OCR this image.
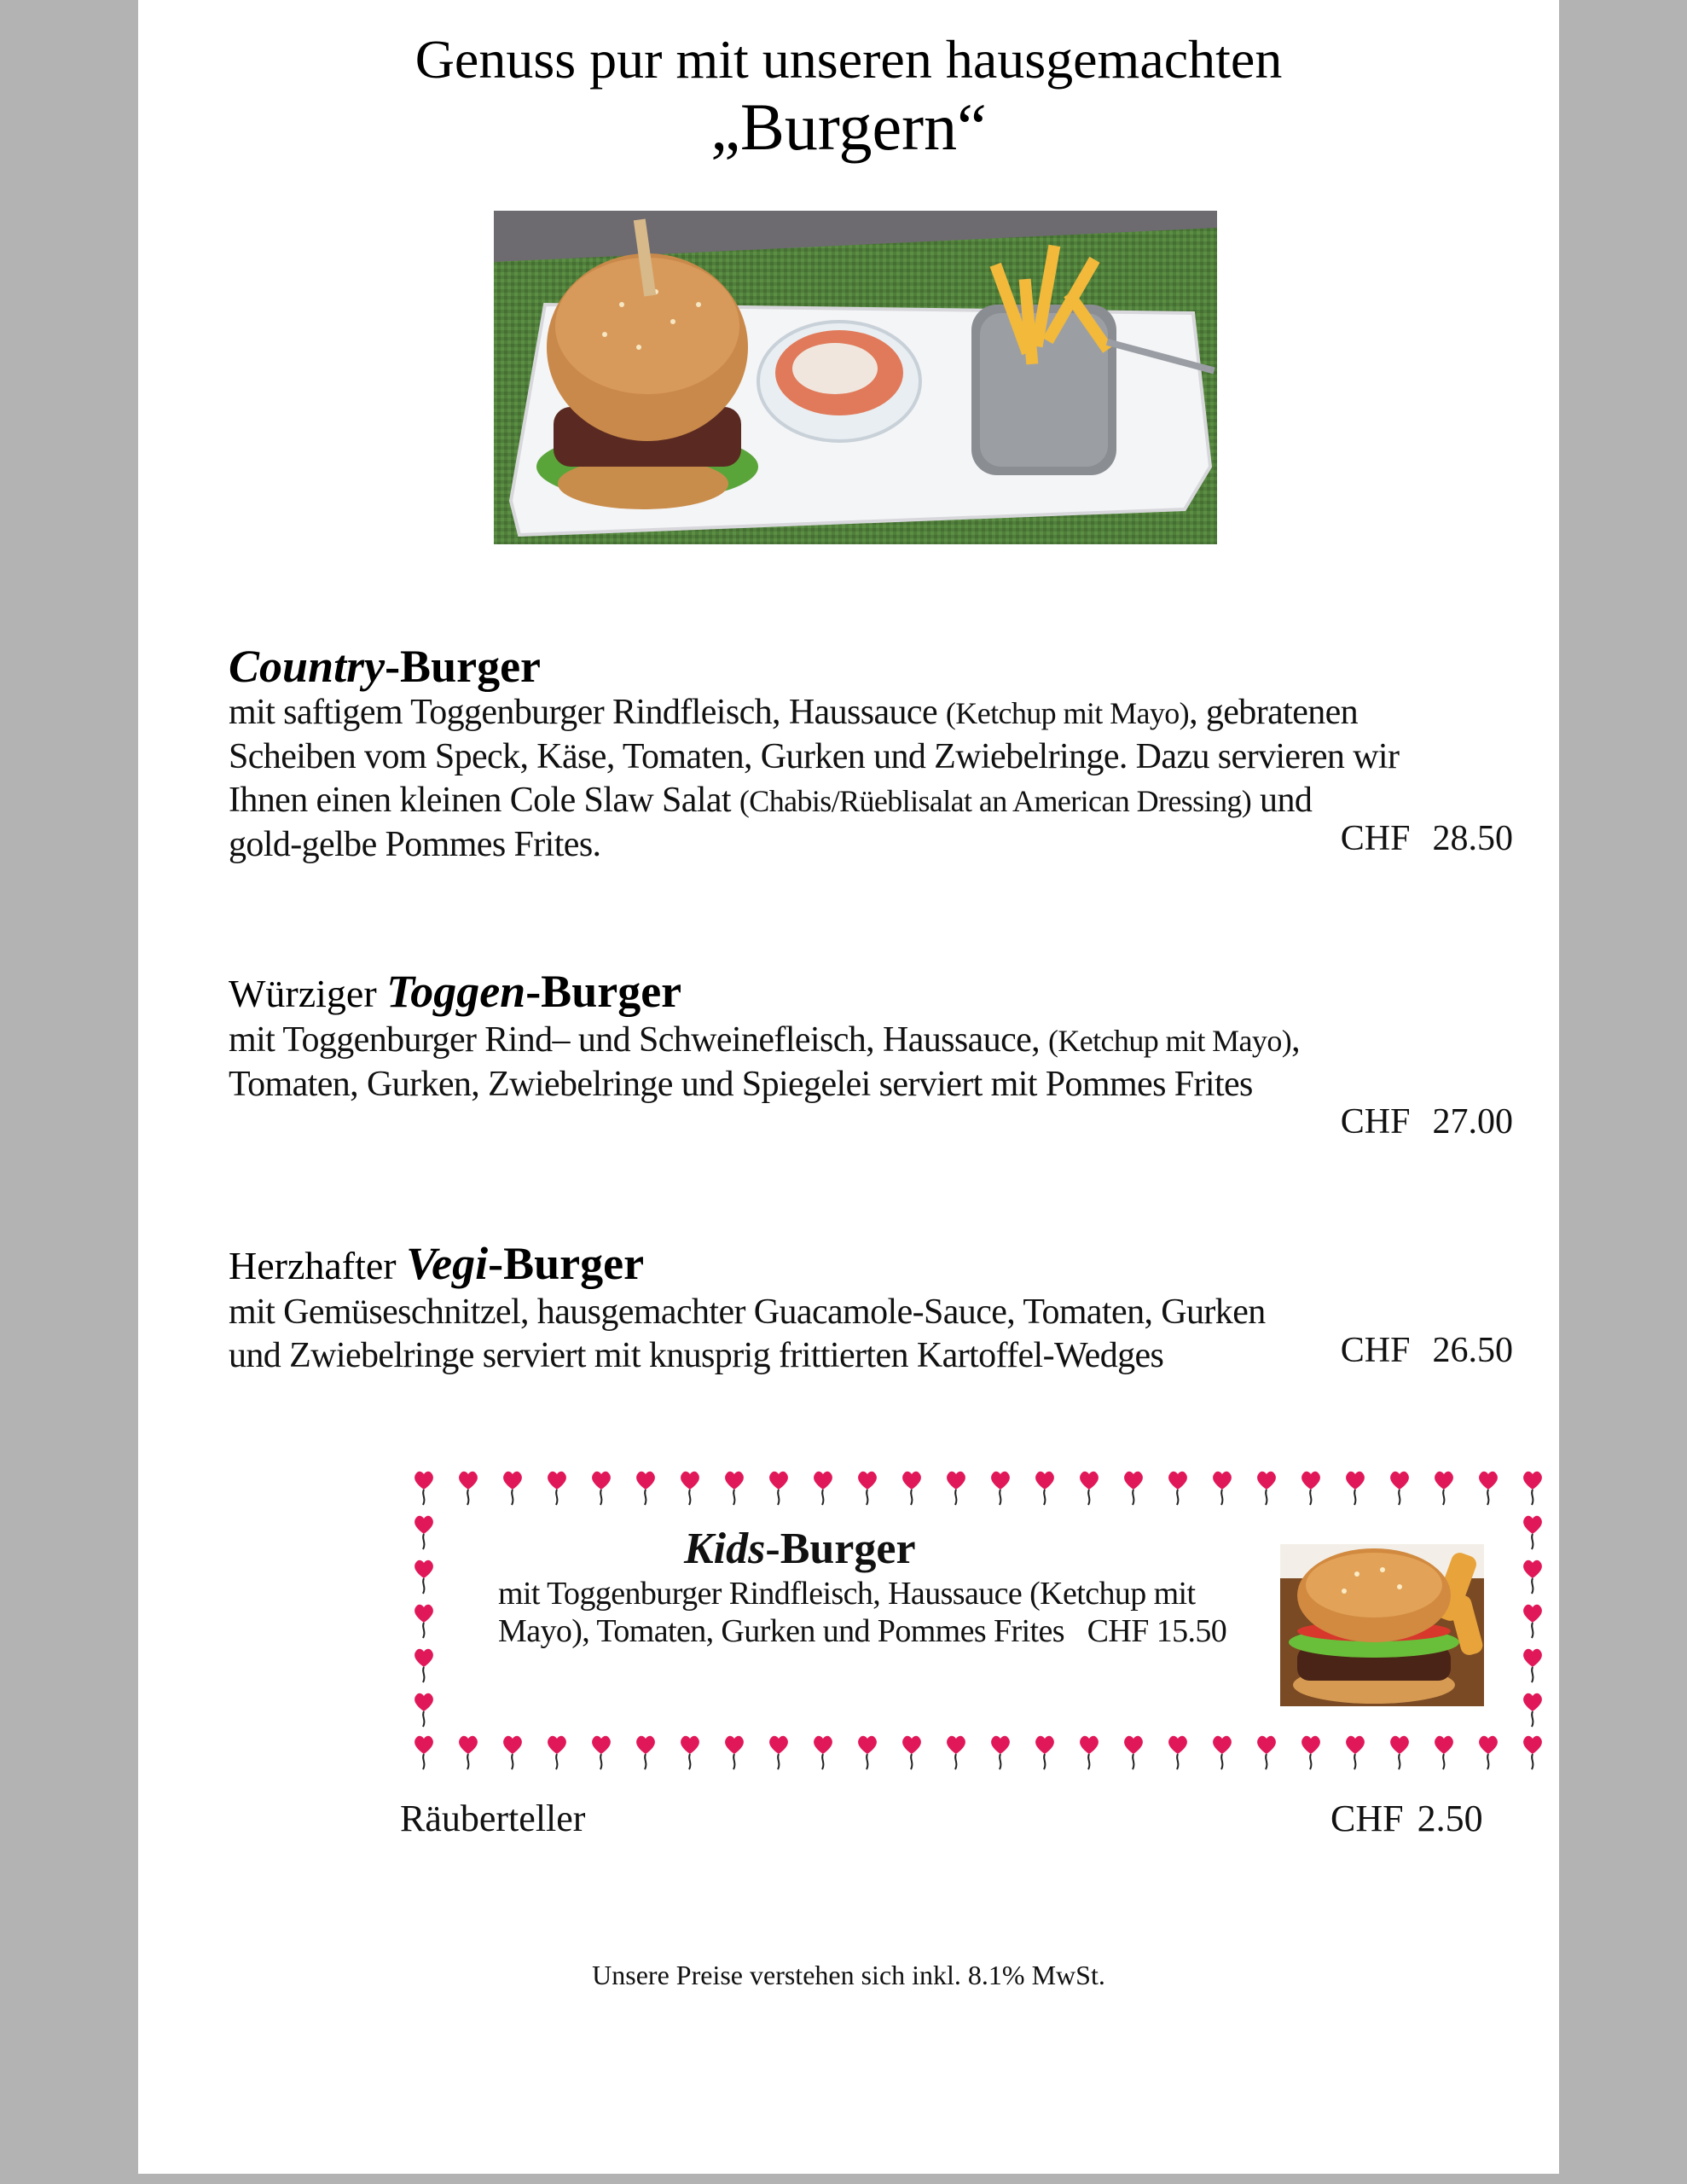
Genuss pur mit unseren hausgemachten
„Burgern“
Country-Burger
mit saftigem Toggenburger Rindfleisch, Haussauce (Ketchup mit Mayo), gebratenen
Scheiben vom Speck, Käse, Tomaten, Gurken und Zwiebelringe. Dazu servieren wir
Ihnen einen kleinen Cole Slaw Salat (Chabis/Rüeblisalat an American Dressing) und
gold-gelbe Pommes Frites.	CHF 28.50
Würziger Toggen-Burger
mit Toggenburger Rind– und Schweinefleisch, Haussauce, (Ketchup mit Mayo),
Tomaten, Gurken, Zwiebelringe und Spiegelei serviert mit Pommes Frites
CHF 27.00
Herzhafter Vegi-Burger
mit Gemüseschnitzel, hausgemachter Guacamole-Sauce, Tomaten, Gurken
und Zwiebelringe serviert mit knusprig frittierten Kartoffel-Wedges	CHF 26.50
Kids-Burger
mit Toggenburger Rindfleisch, Haussauce (Ketchup mit
Mayo), Tomaten, Gurken und Pommes Frites CHF 15.50
Räuberteller	CHF 2.50
Unsere Preise verstehen sich inkl. 8.1% MwSt.
